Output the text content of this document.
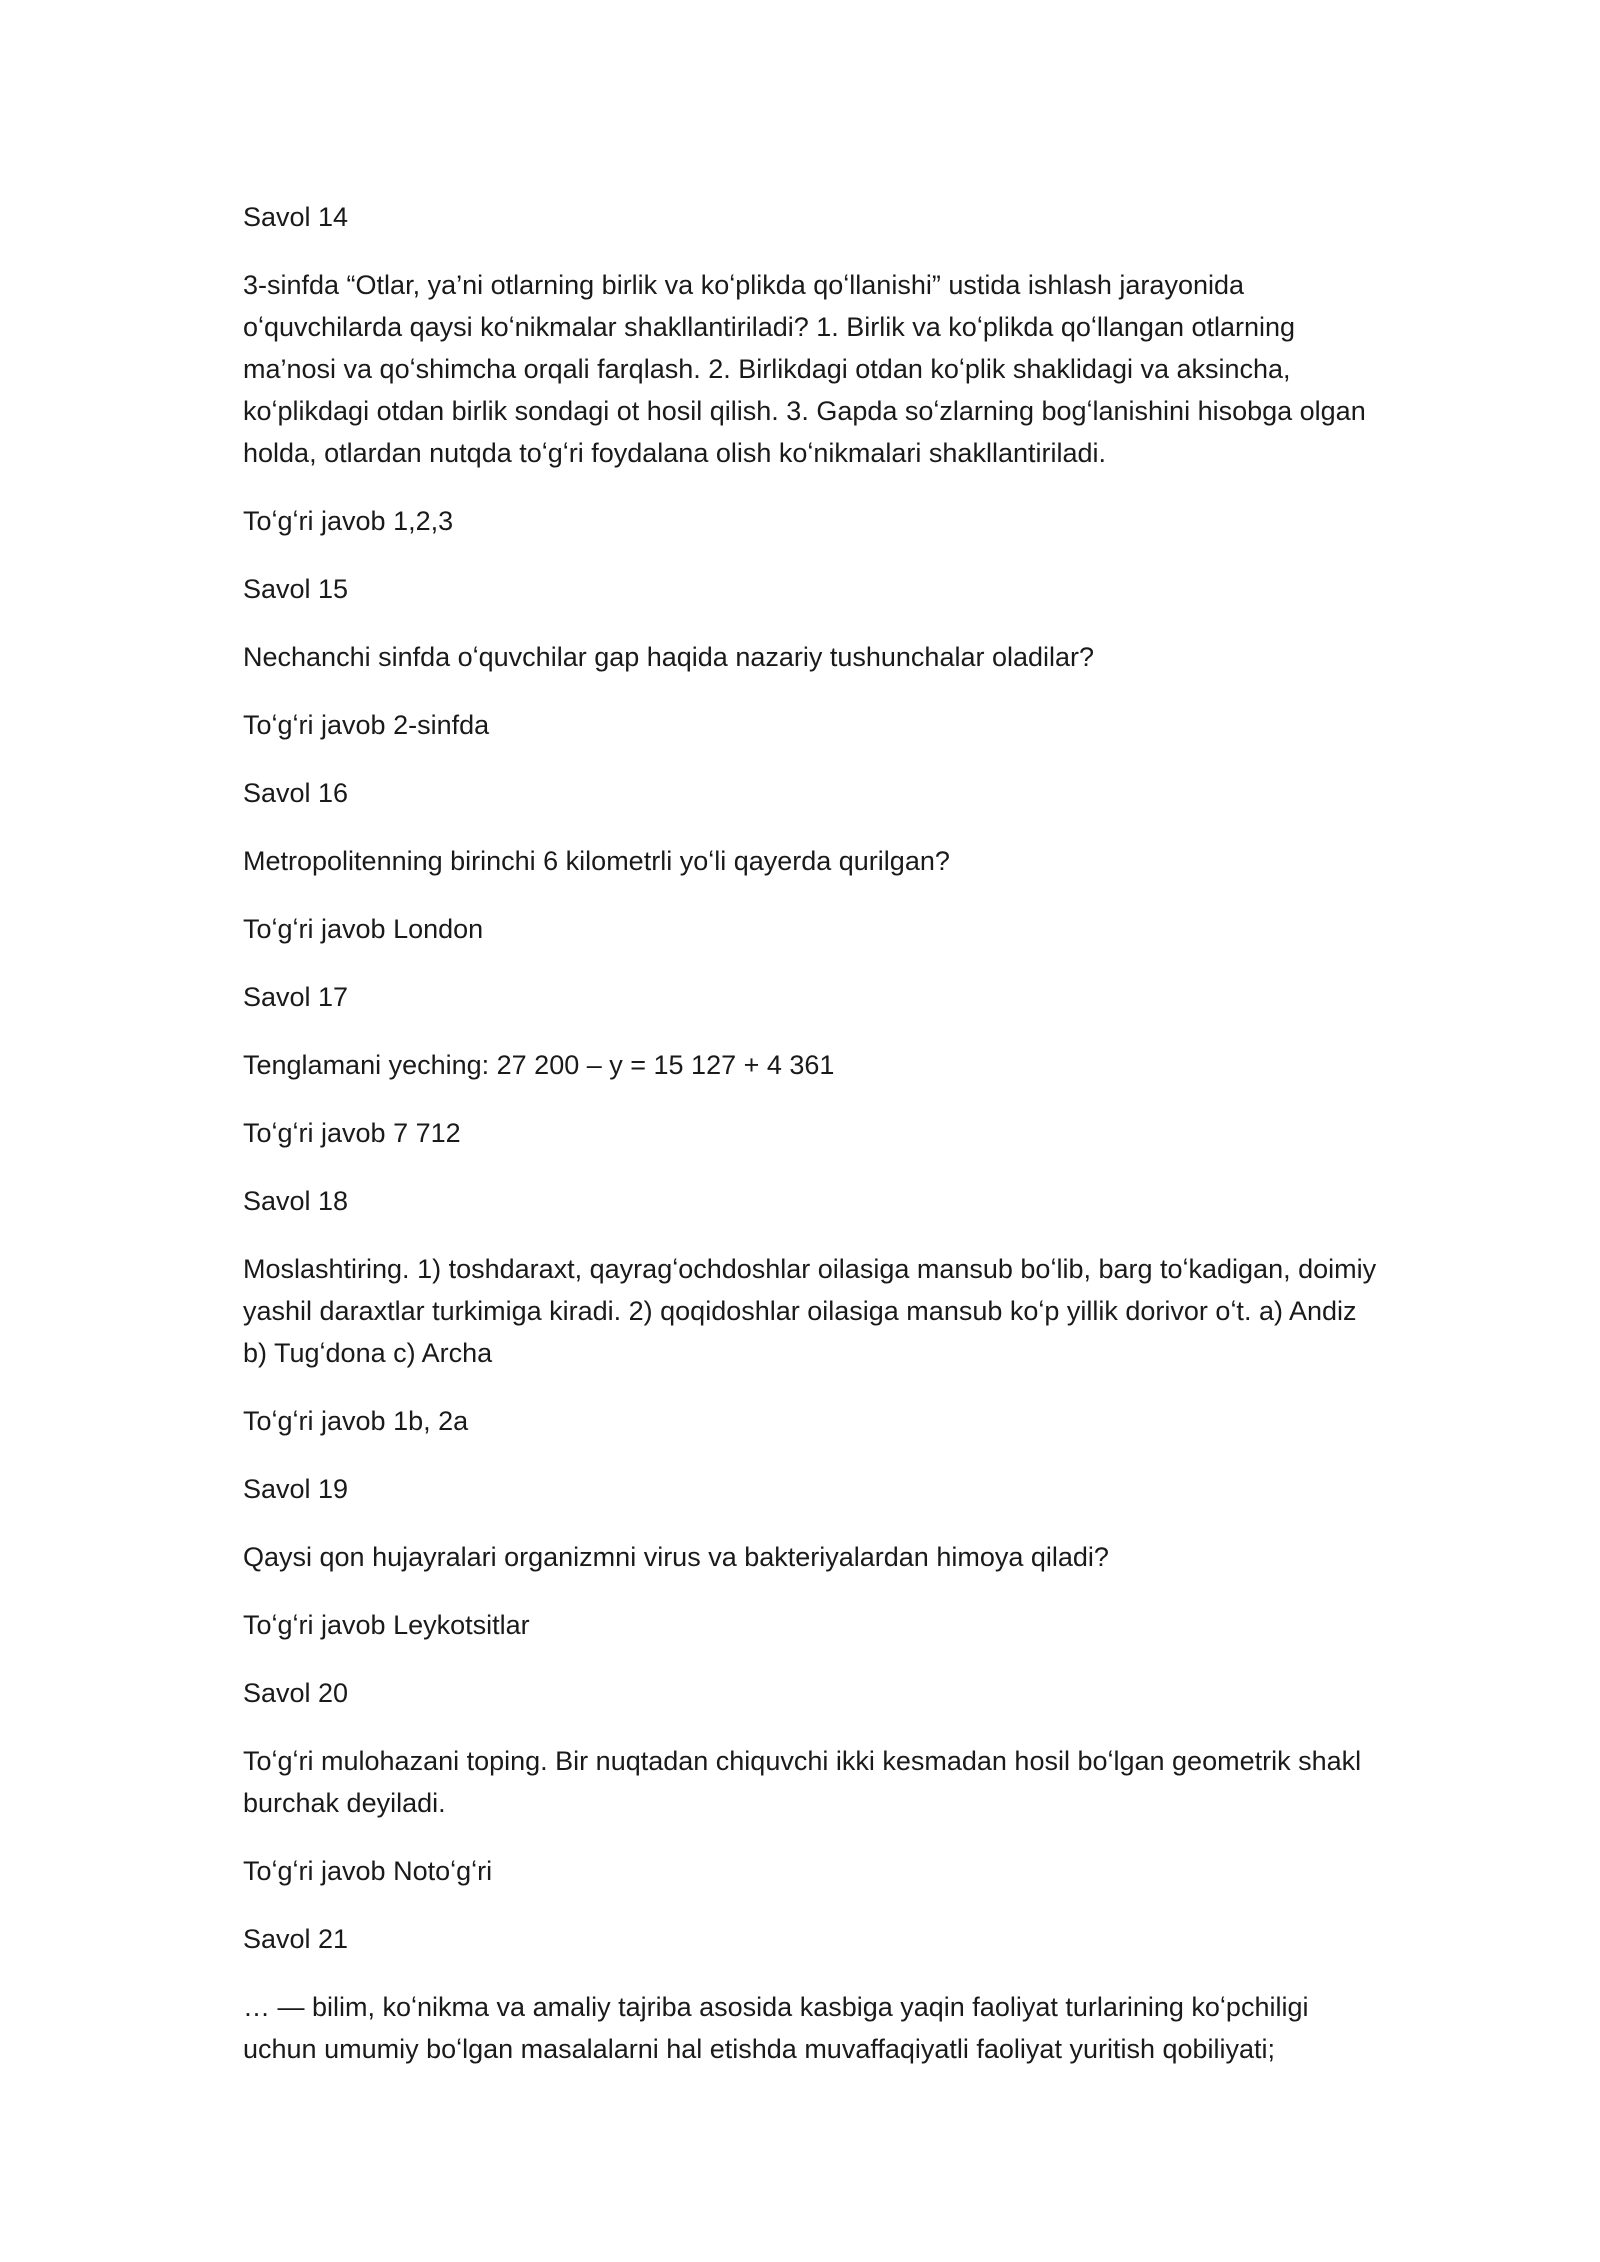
Savol 14

3-sinfda “Otlar, ya’ni otlarning birlik va koʻplikda qoʻllanishi” ustida ishlash jarayonida oʻquvchilarda qaysi koʻnikmalar shakllantiriladi? 1. Birlik va koʻplikda qoʻllangan otlarning ma’nosi va qoʻshimcha orqali farqlash. 2. Birlikdagi otdan koʻplik shaklidagi va aksincha, koʻplikdagi otdan birlik sondagi ot hosil qilish. 3. Gapda soʻzlarning bogʻlanishini hisobga olgan holda, otlardan nutqda toʻgʻri foydalana olish koʻnikmalari shakllantiriladi.

Toʻgʻri javob 1,2,3

Savol 15

Nechanchi sinfda oʻquvchilar gap haqida nazariy tushunchalar oladilar?

Toʻgʻri javob 2-sinfda

Savol 16

Metropolitenning birinchi 6 kilometrli yoʻli qayerda qurilgan?

Toʻgʻri javob London

Savol 17

Tenglamani yeching: 27 200 – y = 15 127 + 4 361

Toʻgʻri javob 7 712

Savol 18

Moslashtiring. 1) toshdaraxt, qayragʻochdoshlar oilasiga mansub boʻlib, barg toʻkadigan, doimiy yashil daraxtlar turkimiga kiradi. 2) qoqidoshlar oilasiga mansub koʻp yillik dorivor oʻt. a) Andiz b) Tugʻdona c) Archa

Toʻgʻri javob 1b, 2a

Savol 19

Qaysi qon hujayralari organizmni virus va bakteriyalardan himoya qiladi?

Toʻgʻri javob Leykotsitlar

Savol 20

Toʻgʻri mulohazani toping. Bir nuqtadan chiquvchi ikki kesmadan hosil boʻlgan geometrik shakl burchak deyiladi.

Toʻgʻri javob Notoʻgʻri

Savol 21

… — bilim, koʻnikma va amaliy tajriba asosida kasbiga yaqin faoliyat turlarining koʻpchiligi uchun umumiy boʻlgan masalalarni hal etishda muvaffaqiyatli faoliyat yuritish qobiliyati;
